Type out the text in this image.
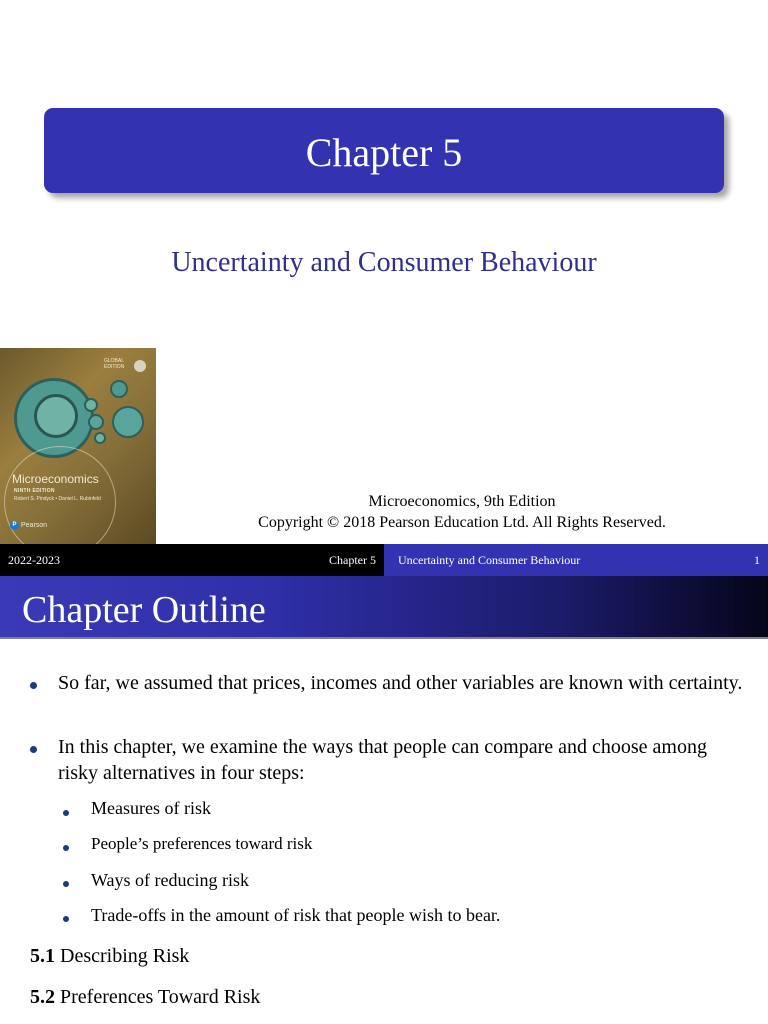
Chapter 5
Uncertainty and Consumer Behaviour
GLOBAL
EDITION
Microeconomics
NINTH EDITION
Robert S. Pindyck • Daniel L. Rubinfeld
P Pearson
Microeconomics, 9th Edition
Copyright © 2018 Pearson Education Ltd. All Rights Reserved.
2022-2023	Chapter 5 Uncertainty and Consumer Behaviour	1
Chapter Outline
So far, we assumed that prices, incomes and other variables are known with certainty.
In this chapter, we examine the ways that people can compare and choose among risky alternatives in four steps:
Measures of risk
People’s preferences toward risk
Ways of reducing risk
Trade-offs in the amount of risk that people wish to bear.
5.1 Describing Risk
5.2 Preferences Toward Risk
